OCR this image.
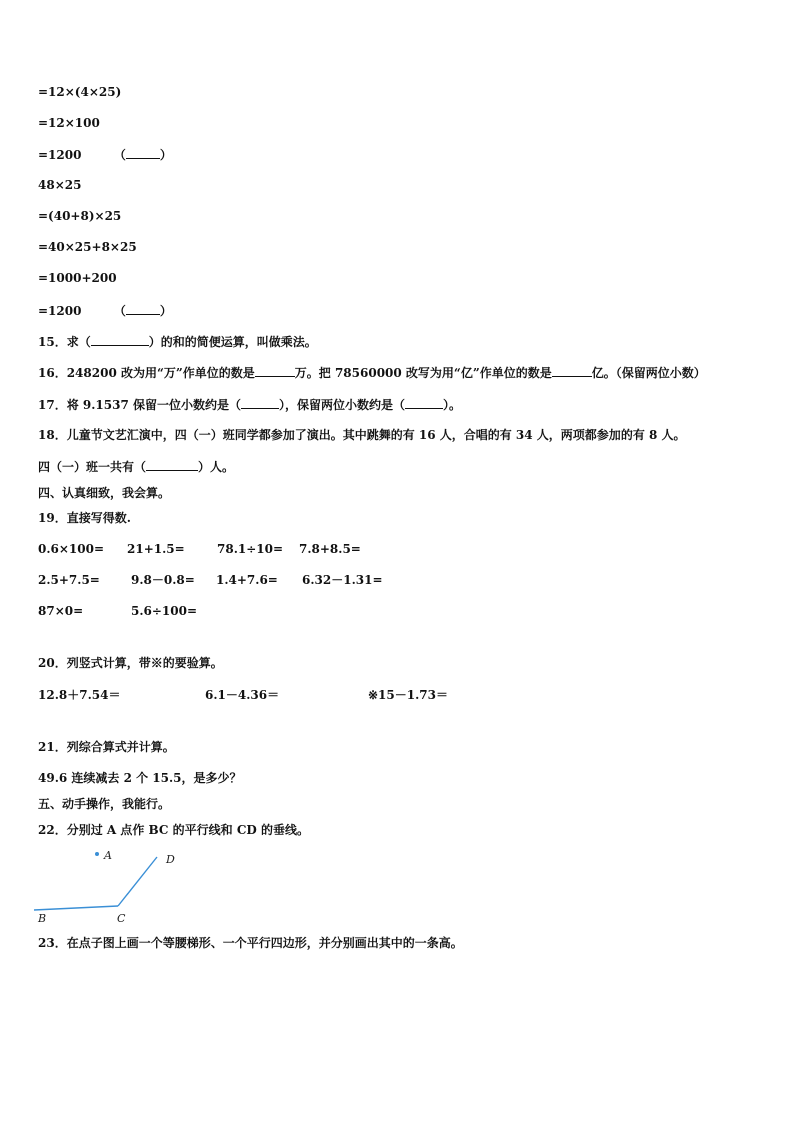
=12×(4×25)
=12×100
=1200	（	）
48×25
=(40+8)×25
=40×25+8×25
=1000+200
=1200	（	）
15．求（	）的和的简便运算，叫做乘法。
16．248200 改为用“万”作单位的数是	万。把 78560000 改写为用“亿”作单位的数是	亿。（保留两位小数）
17．将 9.1537 保留一位小数约是（	），保留两位小数约是（	）。
18．儿童节文艺汇演中，四（一）班同学都参加了演出。其中跳舞的有 16 人，合唱的有 34 人，两项都参加的有 8 人。
四（一）班一共有（	）人。
四、认真细致，我会算。
19．直接写得数.
0.6×100= 21+1.5=	78.1÷10= 7.8+8.5=
2.5+7.5=	9.8－0.8= 1.4+7.6= 6.32－1.31=
87×0=	5.6÷100=
20．列竖式计算，带※的要验算。
12.8＋7.54＝	6.1－4.36＝	※15－1.73＝
21．列综合算式并计算。
49.6 连续减去 2 个 15.5，是多少？
五、动手操作，我能行。
22．分别过 A 点作 BC 的平行线和 CD 的垂线。
A
B	C
D
23．在点子图上画一个等腰梯形、一个平行四边形，并分别画出其中的一条高。
